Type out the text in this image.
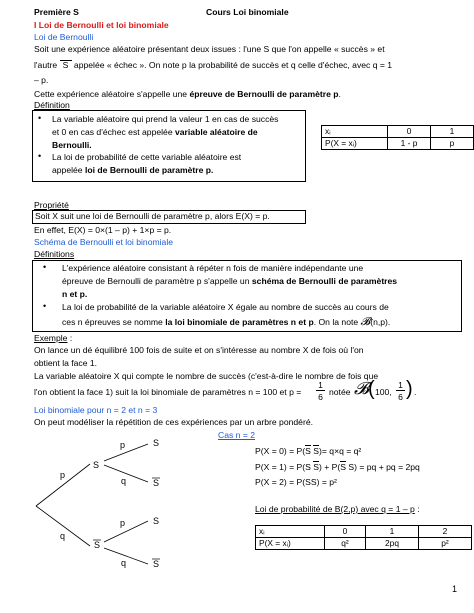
Première S	Cours Loi binomiale
I Loi de Bernoulli et loi binomiale
Loi de Bernoulli
Soit une expérience aléatoire présentant deux issues : l'une S que l'on appelle « succès » et
l'autre S appelée « échec ». On note p la probabilité de succès et q celle d'échec, avec q = 1
– p.
Cette expérience aléatoire s'appelle une épreuve de Bernoulli de paramètre p.
Définition
• La variable aléatoire qui prend la valeur 1 en cas de succès
et 0 en cas d'échec est appelée variable aléatoire de
Bernoulli.
• La loi de probabilité de cette variable aléatoire est
appelée loi de Bernoulli de paramètre p.
xᵢ	0	1
P(X = xᵢ)	1 - p	p
Propriété
Soit X suit une loi de Bernoulli de paramètre p, alors E(X) = p.
En effet, E(X) = 0×(1 – p) + 1×p = p.
Schéma de Bernoulli et loi binomiale
Définitions
• L'expérience aléatoire consistant à répéter n fois de manière indépendante une
épreuve de Bernoulli de paramètre p s'appelle un schéma de Bernoulli de paramètres
n et p.
• La loi de probabilité de la variable aléatoire X égale au nombre de succès au cours de
ces n épreuves se nomme la loi binomiale de paramètres n et p. On la note 𝓑(n,p).
Exemple :
On lance un dé équilibré 100 fois de suite et on s'intéresse au nombre X de fois où l'on
obtient la face 1.
La variable aléatoire X qui compte le nombre de succès (c'est-à-dire le nombre de fois que
l'on obtient la face 1) suit la loi binomiale de paramètres n = 100 et p =
1
6 notée 𝓑 ( 100,
1
6 ) .
Loi binomiale pour n = 2 et n = 3
On peut modéliser la répétition de ces expériences par un arbre pondéré.
Cas n = 2
p
q
S
S
p
q
p
q
S
S
S
S
P(X = 0) = P(S S)= q×q = q²
P(X = 1) = P(S S) + P(S S) = pq + pq = 2pq
P(X = 2) = P(SS) = p²
Loi de probabilité de B(2,p) avec q = 1 – p :
xᵢ	0	1	2
P(X = xᵢ)	q²	2pq	p²
1
